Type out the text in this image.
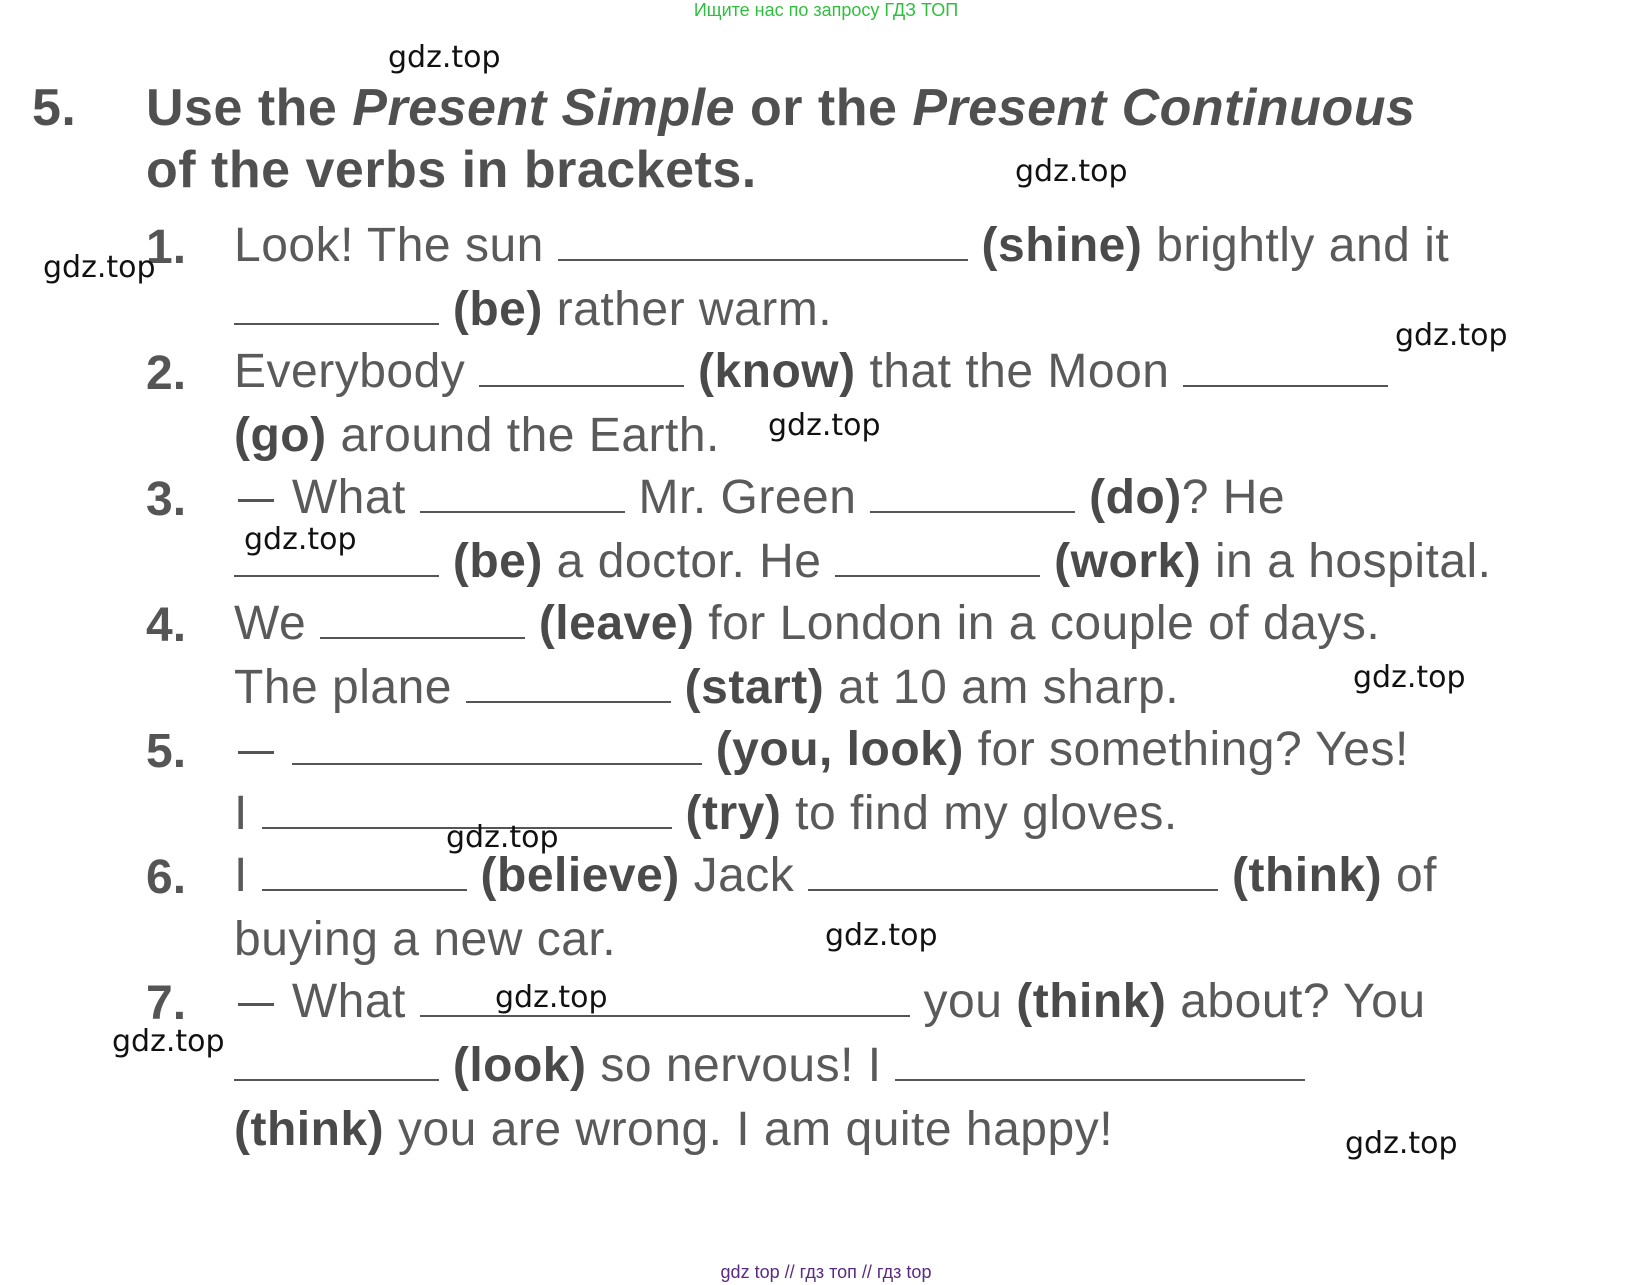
Ищите нас по запросу ГДЗ ТОП
5. Use the Present Simple or the Present Continuous
of the verbs in brackets.
1. Look! The sun	(shine) brightly and it
(be) rather warm.
2. Everybody	(know) that the Moon
(go) around the Earth.
3.	What	Mr. Green	(do)? He
(be) a doctor. He	(work) in a hospital.
4. We	(leave) for London in a couple of days.
The plane	(start) at 10 am sharp.
5.	(you, look) for something? Yes!
I	(try) to find my gloves.
6. I	(believe) Jack	(think) of
buying a new car.
7.	What	you (think) about? You
(look) so nervous! I
(think) you are wrong. I am quite happy!
gdz.top
gdz.top
gdz.top
gdz.top
gdz.top
gdz.top
gdz.top
gdz.top
gdz.top
gdz.top
gdz.top
gdz.top
gdz top // гдз топ // гдз top
